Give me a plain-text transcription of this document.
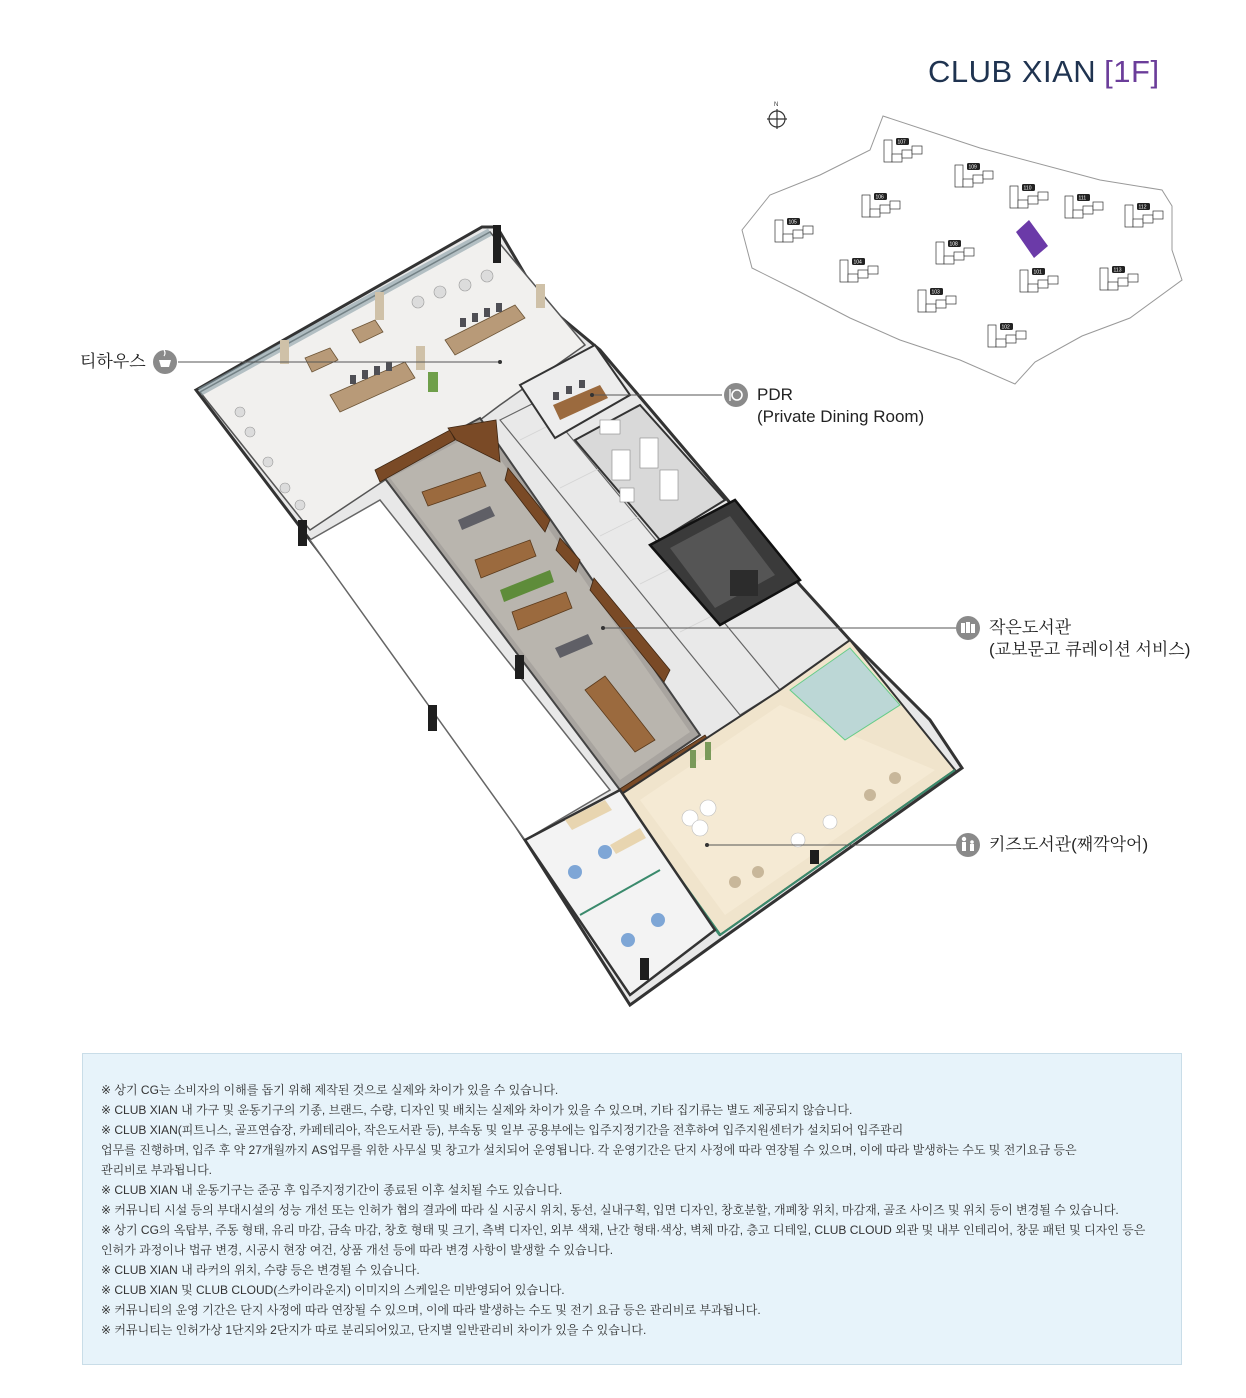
CLUB XIAN [1F]
N
107
109
110
111
112
106
105
108
104
113
101
103
102
티하우스
PDR
(Private Dining Room)
작은도서관
(교보문고 큐레이션 서비스)
키즈도서관(째깍악어)

※ 상기 CG는 소비자의 이해를 돕기 위해 제작된 것으로 실제와 차이가 있을 수 있습니다.

※ CLUB XIAN 내 가구 및 운동기구의 기종, 브랜드, 수량, 디자인 및 배치는 실제와 차이가 있을 수 있으며, 기타 집기류는 별도 제공되지 않습니다.

※ CLUB XIAN(피트니스, 골프연습장, 카페테리아, 작은도서관 등), 부속동 및 일부 공용부에는 입주지정기간을 전후하여 입주지원센터가 설치되어 입주관리

업무를 진행하며, 입주 후 약 27개월까지 AS업무를 위한 사무실 및 창고가 설치되어 운영됩니다. 각 운영기간은 단지 사정에 따라 연장될 수 있으며, 이에 따라 발생하는 수도 및 전기요금 등은

관리비로 부과됩니다.

※ CLUB XIAN 내 운동기구는 준공 후 입주지정기간이 종료된 이후 설치될 수도 있습니다.

※ 커뮤니티 시설 등의 부대시설의 성능 개선 또는 인허가 협의 결과에 따라 실 시공시 위치, 동선, 실내구획, 입면 디자인, 창호분할, 개폐창 위치, 마감재, 골조 사이즈 및 위치 등이 변경될 수 있습니다.

※ 상기 CG의 옥탑부, 주동 형태, 유리 마감, 금속 마감, 창호 형태 및 크기, 측벽 디자인, 외부 색채, 난간 형태·색상, 벽체 마감, 층고 디테일, CLUB CLOUD 외관 및 내부 인테리어, 창문 패턴 및 디자인 등은

인허가 과정이나 법규 변경, 시공시 현장 여건, 상품 개선 등에 따라 변경 사항이 발생할 수 있습니다.

※ CLUB XIAN 내 라커의 위치, 수량 등은 변경될 수 있습니다.

※ CLUB XIAN 및 CLUB CLOUD(스카이라운지) 이미지의 스케일은 미반영되어 있습니다.

※ 커뮤니티의 운영 기간은 단지 사정에 따라 연장될 수 있으며, 이에 따라 발생하는 수도 및 전기 요금 등은 관리비로 부과됩니다.

※ 커뮤니티는 인허가상 1단지와 2단지가 따로 분리되어있고, 단지별 일반관리비 차이가 있을 수 있습니다.
